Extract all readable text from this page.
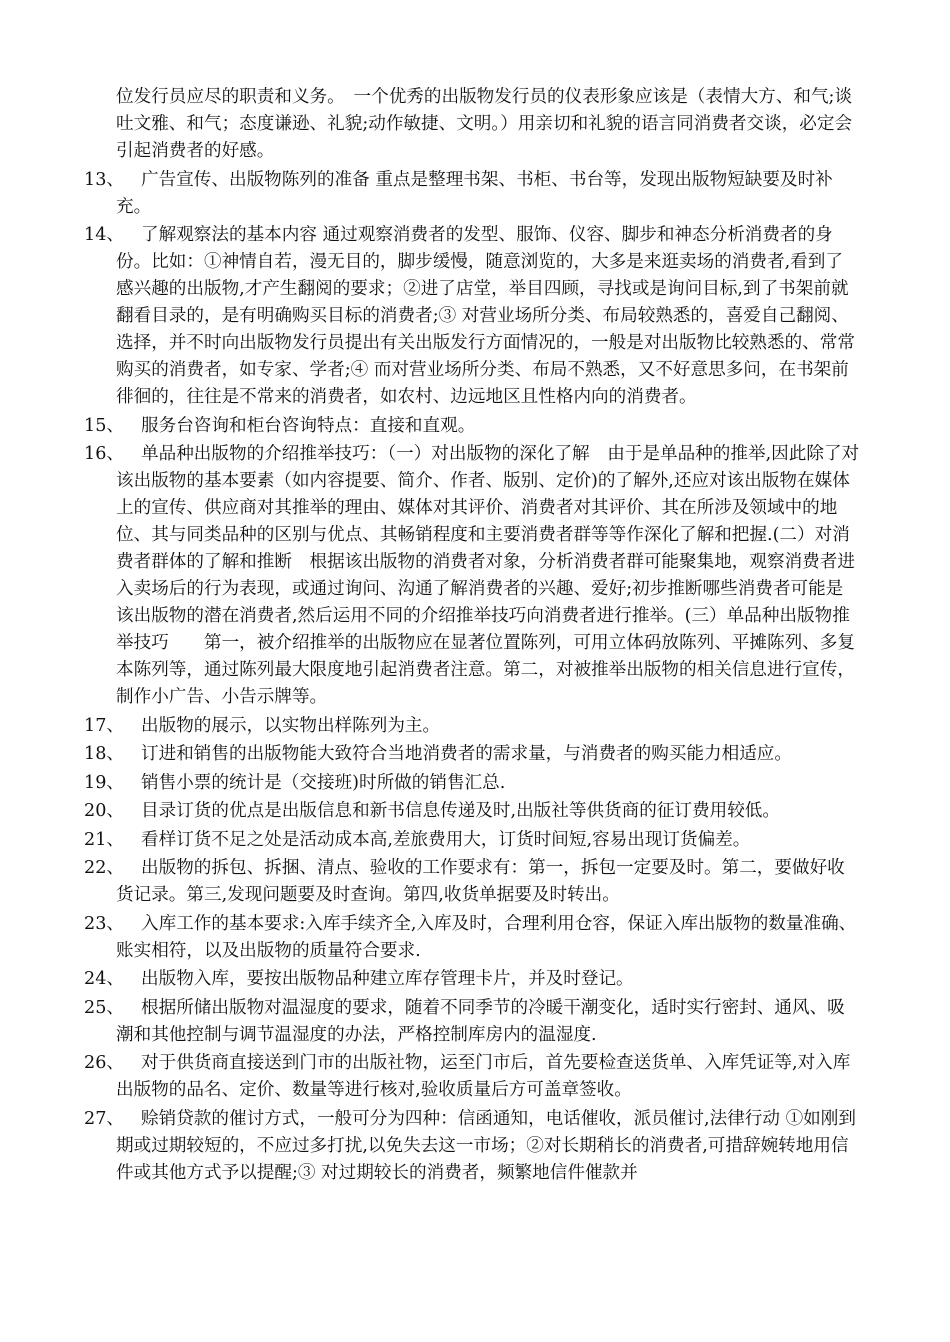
位发行员应尽的职责和义务。　一个优秀的出版物发行员的仪表形象应该是（表情大方、和气;谈吐文雅、和气；态度谦逊、礼貌;动作敏捷、文明。）用亲切和礼貌的语言同消费者交谈，必定会引起消费者的好感。

13、 广告宣传、出版物陈列的准备 重点是整理书架、书柜、书台等，发现出版物短缺要及时补充。
14、 了解观察法的基本内容 通过观察消费者的发型、服饰、仪容、脚步和神态分析消费者的身份。比如：①神情自若，漫无目的，脚步缓慢，随意浏览的，大多是来逛卖场的消费者,看到了感兴趣的出版物,才产生翻阅的要求；②进了店堂，举目四顾，寻找或是询问目标,到了书架前就翻看目录的，是有明确购买目标的消费者;③ 对营业场所分类、布局较熟悉的，喜爱自己翻阅、选择，并不时向出版物发行员提出有关出版发行方面情况的，一般是对出版物比较熟悉的、常常购买的消费者，如专家、学者;④ 而对营业场所分类、布局不熟悉，又不好意思多问，在书架前徘徊的，往往是不常来的消费者，如农村、边远地区且性格内向的消费者。
15、 服务台咨询和柜台咨询特点：直接和直观。
16、 单品种出版物的介绍推举技巧：（一）对出版物的深化了解　由于是单品种的推举,因此除了对该出版物的基本要素（如内容提要、简介、作者、版别、定价)的了解外,还应对该出版物在媒体上的宣传、供应商对其推举的理由、媒体对其评价、消费者对其评价、其在所涉及领域中的地位、其与同类品种的区别与优点、其畅销程度和主要消费者群等等作深化了解和把握.(二）对消费者群体的了解和推断　根据该出版物的消费者对象，分析消费者群可能聚集地，观察消费者进入卖场后的行为表现，或通过询问、沟通了解消费者的兴趣、爱好;初步推断哪些消费者可能是该出版物的潜在消费者,然后运用不同的介绍推举技巧向消费者进行推举。(三）单品种出版物推举技巧　　第一，被介绍推举的出版物应在显著位置陈列，可用立体码放陈列、平摊陈列、多复本陈列等，通过陈列最大限度地引起消费者注意。第二，对被推举出版物的相关信息进行宣传，制作小广告、小告示牌等。
17、 出版物的展示，以实物出样陈列为主。
18、 订进和销售的出版物能大致符合当地消费者的需求量，与消费者的购买能力相适应。
19、 销售小票的统计是（交接班)时所做的销售汇总.
20、 目录订货的优点是出版信息和新书信息传递及时,出版社等供货商的征订费用较低。
21、 看样订货不足之处是活动成本高,差旅费用大，订货时间短,容易出现订货偏差。
22、 出版物的拆包、拆捆、清点、验收的工作要求有：第一，拆包一定要及时。第二，要做好收货记录。第三,发现问题要及时查询。第四,收货单据要及时转出。
23、 入库工作的基本要求:入库手续齐全,入库及时，合理利用仓容，保证入库出版物的数量准确、账实相符，以及出版物的质量符合要求.
24、 出版物入库，要按出版物品种建立库存管理卡片，并及时登记。
25、 根据所储出版物对温湿度的要求，随着不同季节的冷暖干潮变化，适时实行密封、通风、吸潮和其他控制与调节温湿度的办法，严格控制库房内的温湿度.
26、 对于供货商直接送到门市的出版社物，运至门市后，首先要检查送货单、入库凭证等,对入库出版物的品名、定价、数量等进行核对,验收质量后方可盖章签收。
27、 赊销贷款的催讨方式，一般可分为四种：信函通知，电话催收，派员催讨,法律行动 ①如刚到期或过期较短的，不应过多打扰,以免失去这一市场；②对长期稍长的消费者,可措辞婉转地用信件或其他方式予以提醒;③ 对过期较长的消费者，频繁地信件催款并
